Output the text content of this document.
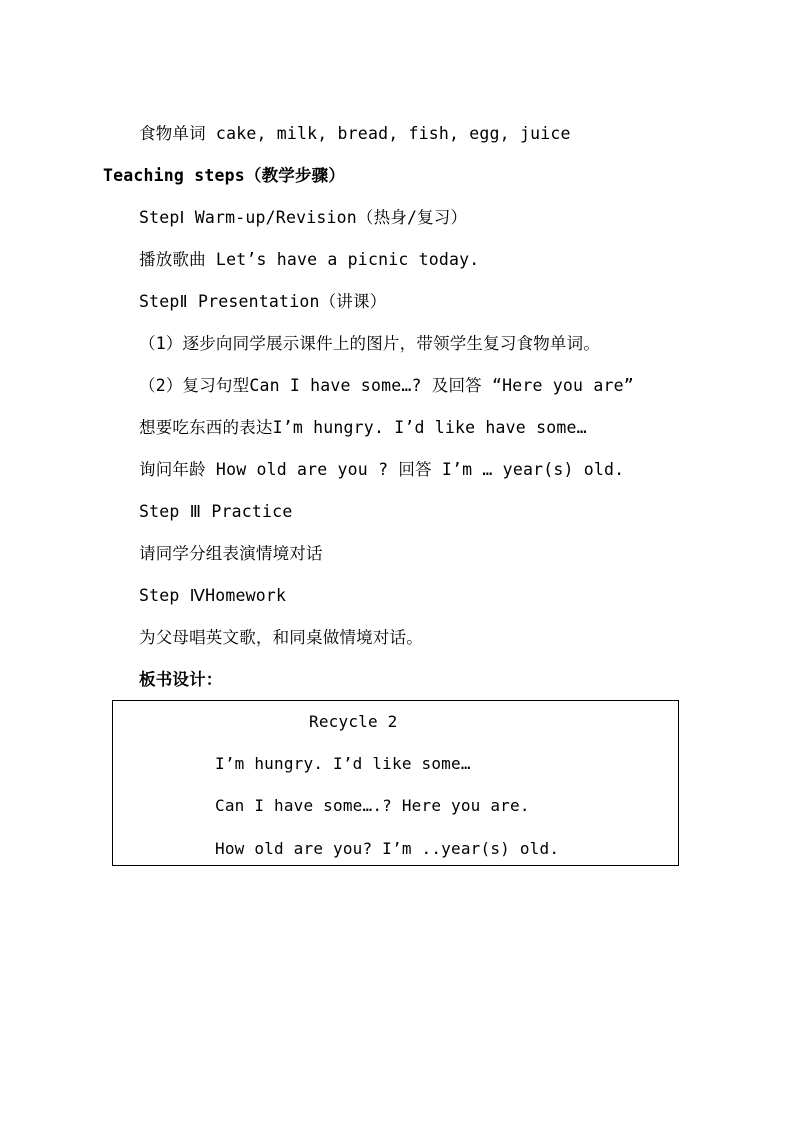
食物单词 cake, milk, bread, fish, egg, juice
Teaching steps（教学步骤）
StepⅠ Warm-up/Revision（热身/复习）
播放歌曲 Let’s have a picnic today.
StepⅡ Presentation（讲课）
（1）逐步向同学展示课件上的图片，带领学生复习食物单词。
（2）复习句型Can I have some…? 及回答 “Here you are”
想要吃东西的表达I’m hungry. I’d like have some…
询问年龄 How old are you ? 回答 I’m … year(s) old.
Step Ⅲ Practice
请同学分组表演情境对话
Step ⅣHomework
为父母唱英文歌，和同桌做情境对话。
板书设计：
Recycle 2
I’m hungry. I’d like some…
Can I have some….? Here you are.
How old are you? I’m ..year(s) old.
